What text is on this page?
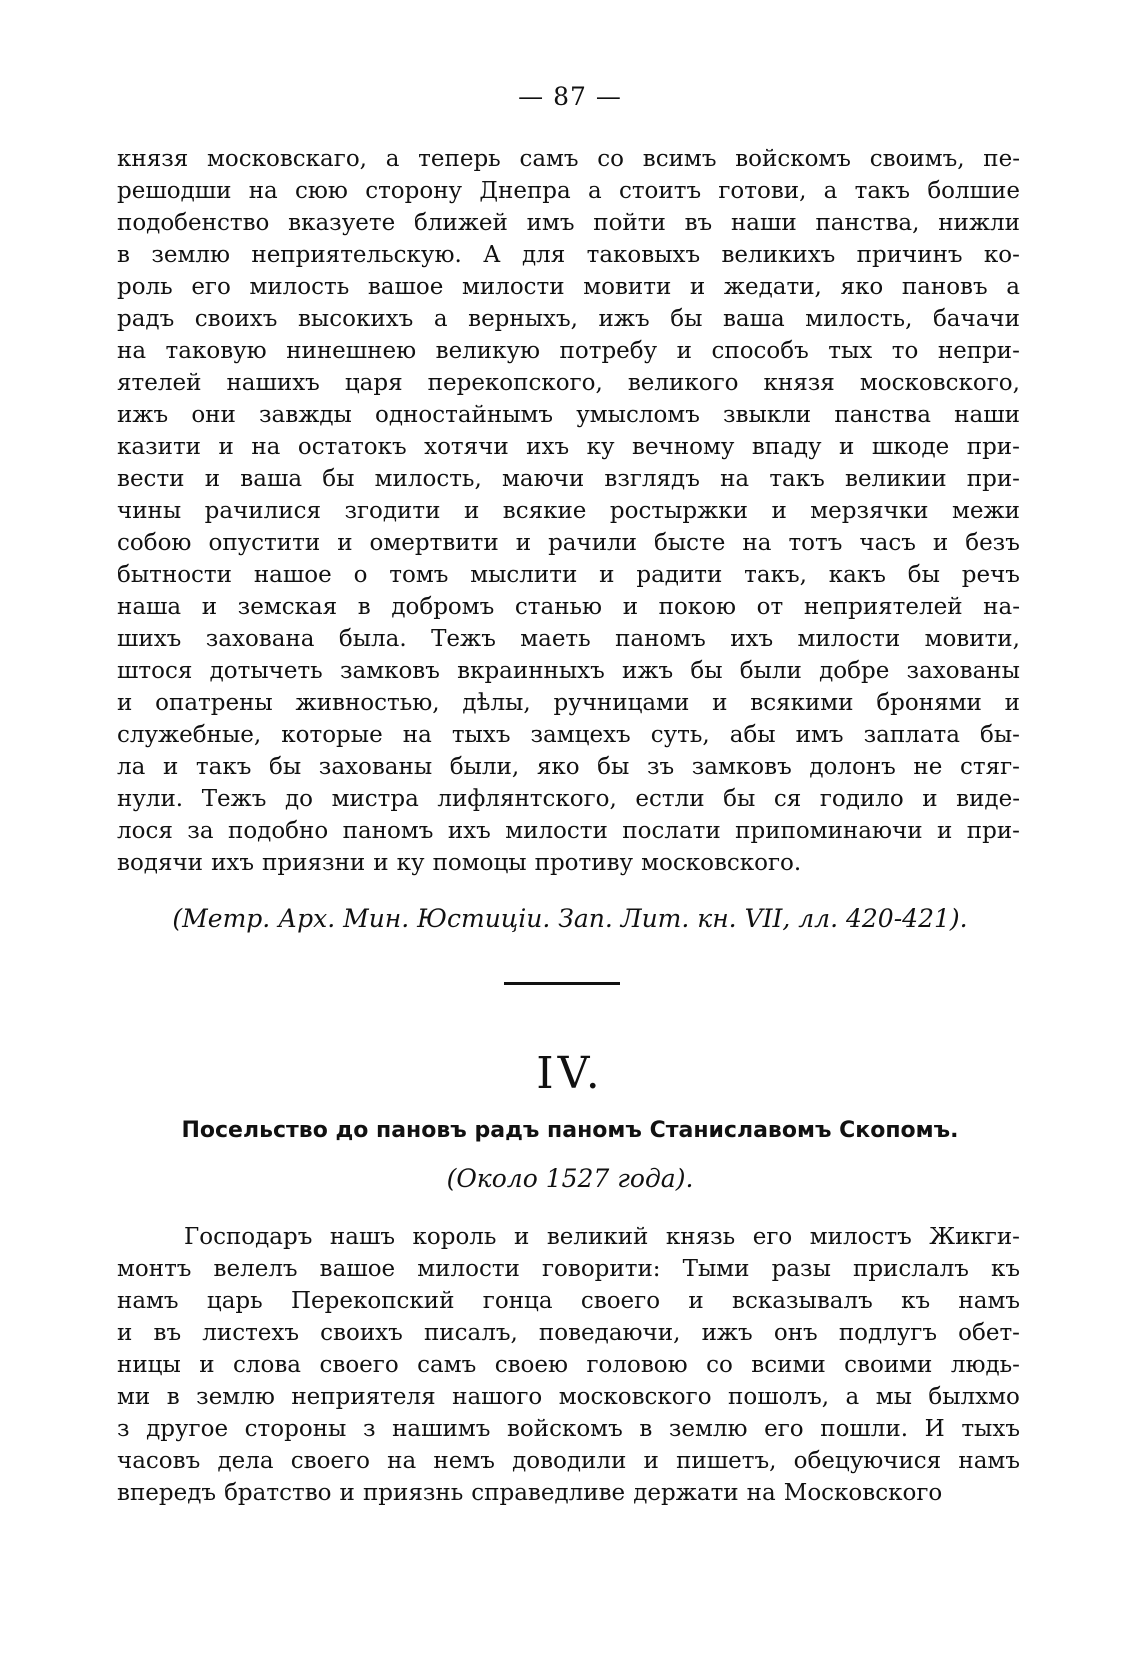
— 87 —
князя московскаго, а теперь самъ со всимъ войскомъ своимъ, пе-
решодши на сюю сторону Днепра а стоитъ готови, а такъ болшие
подобенство вказуете ближей имъ пойти въ наши панства, нижли
в землю неприятельскую. А для таковыхъ великихъ причинъ ко-
роль его милость вашое милости мовити и жедати, яко пановъ а
радъ своихъ высокихъ а верныхъ, ижъ бы ваша милость, бачачи
на таковую нинешнею великую потребу и способъ тых то непри-
ятелей нашихъ царя перекопского, великого князя московского,
ижъ они завжды одностайнымъ умысломъ звыкли панства наши
казити и на остатокъ хотячи ихъ ку вечному впаду и шкоде при-
вести и ваша бы милость, маючи взглядъ на такъ великии при-
чины рачилися згодити и всякие ростыржки и мерзячки межи
собою опустити и омертвити и рачили бысте на тотъ часъ и безъ
бытности нашое о томъ мыслити и радити такъ, какъ бы речъ
наша и земская в добромъ станью и покою от неприятелей на-
шихъ захована была. Тежъ маеть паномъ ихъ милости мовити,
штося дотычеть замковъ вкраинныхъ ижъ бы были добре захованы
и опатрены живностью, дѣлы, ручницами и всякими бронями и
служебные, которые на тыхъ замцехъ суть, абы имъ заплата бы-
ла и такъ бы захованы были, яко бы зъ замковъ долонъ не стяг-
нули. Тежъ до мистра лифлянтского, естли бы ся годило и виде-
лося за подобно паномъ ихъ милости послати припоминаючи и при-
водячи ихъ приязни и ку помоцы противу московского.
(Метр. Арх. Мин. Юстиціи. Зап. Лит. кн. VII, лл. 420-421).
IV.
Посельство до пановъ радъ паномъ Станиславомъ Скопомъ.
(Около 1527 года).
Господаръ нашъ король и великий князь его милостъ Жикги-
монтъ велелъ вашое милости говорити: Тыми разы прислалъ къ
намъ царь Перекопский гонца своего и всказывалъ къ намъ
и въ листехъ своихъ писалъ, поведаючи, ижъ онъ подлугъ обет-
ницы и слова своего самъ своею головою со всими своими людь-
ми в землю неприятеля нашого московского пошолъ, а мы былхмо
з другое стороны з нашимъ войскомъ в землю его пошли. И тыхъ
часовъ дела своего на немъ доводили и пишетъ, обецуючися намъ
впередъ братство и приязнь справедливе держати на Московского
